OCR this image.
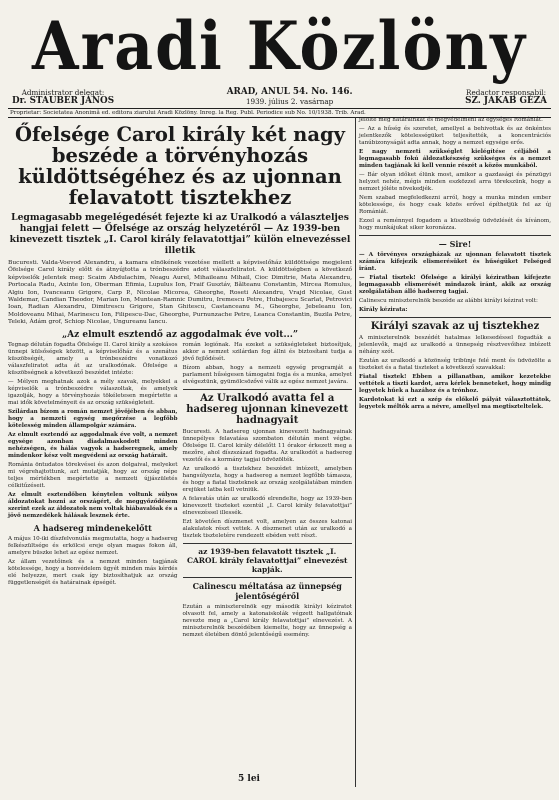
Aradi Közlöny
Administrator delegat:
Dr. STAUBER JÁNOS
ARAD, ANUL 54. No. 146.
1939. július 2. vasárnap
Redactor responsabil:
SZ. JAKAB GÉZA
Proprietar: Societatea Anonimă ed. editora ziarului Aradi Közlöny. Inreg. la Reg. Publ. Periodice sub No. 10/1938. Trib. Arad.
Őfelsége Carol király két nagy beszéde a törvényhozás küldöttségéhez és az ujonnan felavatott tisztekhez
Legmagasabb megelégedését fejezte ki az Uralkodó a választeljes hangjai felett — Őfelsége az ország helyzetéről — Az 1939-ben kinevezett tisztek „I. Carol király felavatottjai” külön elnevezéssel illetik
Bucuresti. Valda-Voevod Alexandru, a kamara elnökének vezetése mellett a képviselőház küldöttsége megjelent Őfelsége Carol király előtt és átnyújtotta a trónbeszédre adott válaszfeliratot. A küldöttségben a következő képviselők jelentek meg: Scaim Abdulachim, Neagu Aurel, Mihaileanu Mihail, Cioc Dimitrie, Mata Alexandru, Portocala Radu, Axinte Ion, Oberman Efimia, Lupulus Ion, Fraif Gusztáv, Bălteanu Constantin, Mircea Romulus, Algiu Ion, Ivanceanu Grigore, Carp P., Nicolae Micorea, Gheorghe, Roseti Alexandru, Vrajd Nicolae, Gust Waldemar, Candian Theodor, Marian Ion, Muntean-Ramnic Dumitru, Iremescu Petre, Hubajescu Scarlat, Petrovici Ioan, Radian Alexandru, Dimitrescu Grigore, Stan Ghitescu, Castanceanu M., Gheorghe, Jebeleanu Ion, Moldoveanu Mihai, Marinescu Ion, Filipescu-Dac, Gheorghe, Purnunzache Petre, Leanca Constantin, Buzila Petre, Teleki, Ádám grof, Schiop Nicolae, Ungureanu Iancu.
„Az elmult esztendő az aggodalmak éve volt...”

Tegnap délután fogadta Őfelsége II. Carol király a szokásos ünnepi külsőségek között, a képviselőház és a szenátus küszöbségét, amely a trónbeszédre vonatkozó válaszfeliratot adta át az uralkodónak. Őfelsége a küszöbségnek a következő beszédet intézte:

— Mélyen meghatnak azok a mély szavak, melyekkel a képviselők a trónbeszédre válaszoltak, és amelyek igazolják, hogy a törvényhozás tökéletesen megértette a mai idők követelményeit és az ország szükségleteit.

Szilárdan bízom a román nemzet jövőjében és abban, hogy a nemzeti egység megőrzése a legfőbb kötelesség minden állampolgár számára.

Az elmult esztendő az aggodalmak éve volt, a nemzet egysége azonban diadalmaskodott minden nehézségen, és hálás vagyok a hadseregnek, amely mindenkor kész volt megvédeni az ország határait.

Románia öntudatos törekvései és azon dolgaival, melyeket mi végrehajtottunk, azt mutatják, hogy az ország népe teljes mértékben megértette a nemzeti újjászületés célkitűzéseit.

Az elmult esztendőben kénytelen voltunk súlyos áldozatokat hozni az országért, de meggyőződésem szerint ezek az áldozatok nem voltak hiábavalóak és a jövő nemzedékek hálásak lesznek érte.

A hadsereg mindenekelőtt

A május 10-iki díszfelvonulás megmutatta, hogy a hadsereg felkészültsége és erkölcsi ereje olyan magas fokon áll, amelyre büszke lehet az egész nemzet.

Az állam vezetőinek és a nemzet minden tagjának kötelessége, hogy a honvédelem ügyét minden más kérdés elé helyezze, mert csak így biztosíthatjuk az ország függetlenségét és határainak épségét.

román legiónak. Ha ezeket a szükségleteket biztosítjuk, akkor a nemzet szilárdan fog állni és biztosítani tudja a jövő fejlődését.

Bízom abban, hogy a nemzeti egység programját a parlament hűségesen támogatni fogja és a munka, amelyet elvégeztünk, gyümölcsözővé válik az egész nemzet javára.

Az Uralkodó avatta fel a hadsereg ujonnan kinevezett hadnagyait

Bucuresti. A hadsereg ujonnan kinevezett hadnagyainak ünnepélyes felavatása szombaton délután ment végbe. Őfelsége II. Carol király délelőtt 11 órakor érkezett meg a mezőre, ahol díszszázad fogadta. Az uralkodót a hadsereg vezetői és a kormány tagjai üdvözölték.

Az uralkodó a tisztekhez beszédet intézett, amelyben hangsúlyozta, hogy a hadsereg a nemzet legfőbb támasza, és hogy a fiatal tiszteknek az ország szolgálatában minden erejüket latba kell vetniük.

A felavatás után az uralkodó elrendelte, hogy az 1939-ben kinevezett tiszteket ezentúl „I. Carol király felavatottjai” elnevezéssel illessék.

Ezt követően díszmenet volt, amelyen az összes katonai alakulatok részt vettek. A díszmenet után az uralkodó a tisztek tiszteletére rendezett ebéden vett részt.

az 1939-ben felavatott tisztek „I. CAROL király felavatottjai” elnevezést kapják.
Calinescu méltatása az ünnepség jelentőségéről

Ezután a miniszterelnök egy második királyi kéziratot olvasott fel, amely a katonaiskolák végzett hallgatóinak nevezte meg a „Carol király felavatottjai” elnevezést. A miniszterelnök beszédében kiemelte, hogy az ünnepség a nemzet életében döntő jelentőségű esemény.

jelölte meg határainkat és megvédelmeni az egységes Romániát.

— Az a hűség és szeretet, amellyel a behivottak és az önkéntes jelentkezők kötelességüket teljesítették, a koncentrációs tanúbizonyságát adta annak, hogy a nemzet egysége erős.

E nagy nemzeti szükséglet kielégítése céljából a legmagasabb fokú áldozatkészség szükséges és a nemzet minden tagjának ki kell vennie részét a közös munkából.

— Bár olyan időket élünk most, amikor a gazdasági és pénzügyi helyzet nehéz, mégis minden eszközzel arra törekszünk, hogy a nemzet jóléte növekedjék.

Nem szabad megfeledkezni arról, hogy a munka minden ember kötelessége, és hogy csak közös erővel építhetjük fel az új Romániát.

Ezzel a reménnyel fogadom a küszöbség üdvözlését és kívánom, hogy munkájukat siker koronázza.

— Sire!

— A törvényes országházak az ujonnan felavatott tisztek számára kifejezik elismerésüket és hűségüket Felséged iránt.

— Fiatal tisztek! Őfelsége a királyi kéziratban kifejezte legmagasabb elismerését mindazok iránt, akik az ország szolgálatában álló hadsereg tagjai.

Calinescu miniszterelnök beszéde az alábbi királyi kézirat volt:

Király kézirata:

Királyi szavak az uj tisztekhez

A miniszterelnök beszédét hatalmas lelkesedéssel fogadták a jelenlevők, majd az uralkodó a ünnepség résztvevőihez intézett néhány szót.

Ezután az uralkodó a közönség tribünje felé ment és üdvözölte a tiszteket és a fiatal tiszteket a következő szavakkal:

Fiatal tisztek! Ebben a pillanatban, amikor kezetekbe vettétek a tiszti kardot, arra kérlek benneteket, hogy mindig legyetek hűek a hazához és a trónhoz.

Kardotokat ki ezt a szép és előkelő pályát választottátok, legyetek méltók arra a névre, amellyel ma megtiszteltelek.

5 lei
